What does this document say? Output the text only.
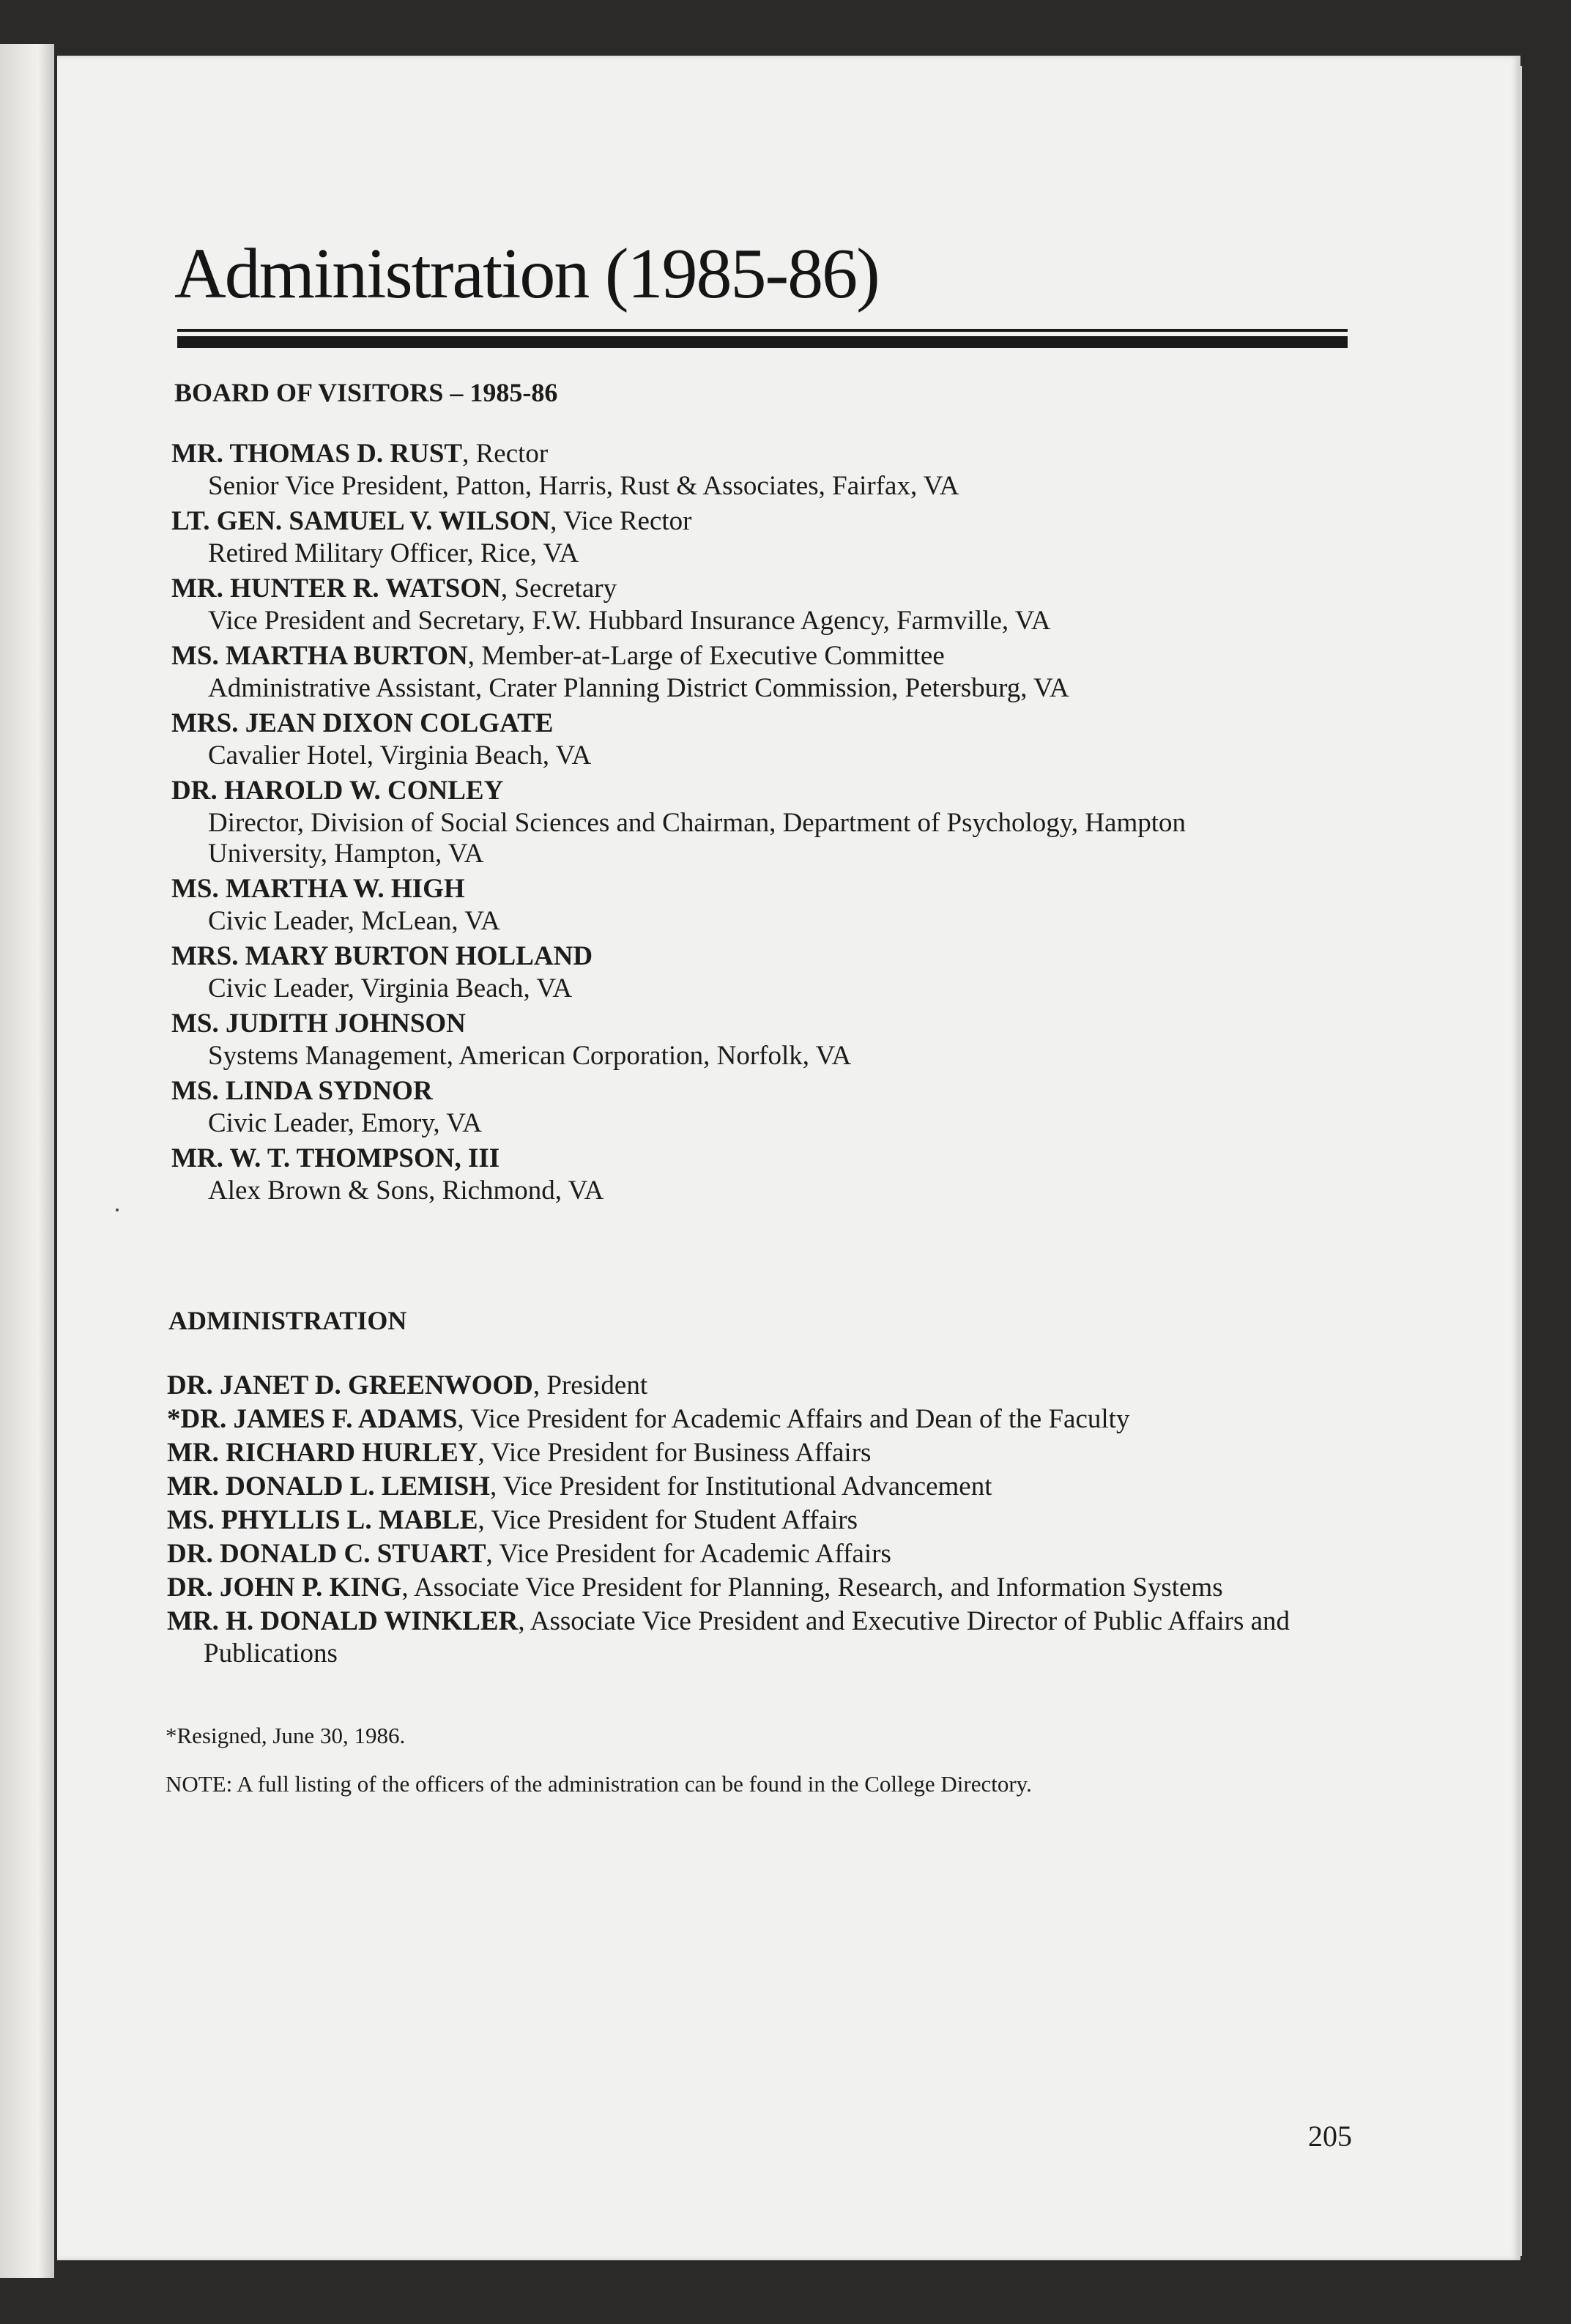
Administration (1985-86)
BOARD OF VISITORS – 1985-86
MR. THOMAS D. RUST, Rector
Senior Vice President, Patton, Harris, Rust & Associates, Fairfax, VA
LT. GEN. SAMUEL V. WILSON, Vice Rector
Retired Military Officer, Rice, VA
MR. HUNTER R. WATSON, Secretary
Vice President and Secretary, F.W. Hubbard Insurance Agency, Farmville, VA
MS. MARTHA BURTON, Member-at-Large of Executive Committee
Administrative Assistant, Crater Planning District Commission, Petersburg, VA
MRS. JEAN DIXON COLGATE
Cavalier Hotel, Virginia Beach, VA
DR. HAROLD W. CONLEY
Director, Division of Social Sciences and Chairman, Department of Psychology, Hampton University, Hampton, VA
MS. MARTHA W. HIGH
Civic Leader, McLean, VA
MRS. MARY BURTON HOLLAND
Civic Leader, Virginia Beach, VA
MS. JUDITH JOHNSON
Systems Management, American Corporation, Norfolk, VA
MS. LINDA SYDNOR
Civic Leader, Emory, VA
MR. W. T. THOMPSON, III
Alex Brown & Sons, Richmond, VA
ADMINISTRATION
DR. JANET D. GREENWOOD, President
*DR. JAMES F. ADAMS, Vice President for Academic Affairs and Dean of the Faculty
MR. RICHARD HURLEY, Vice President for Business Affairs
MR. DONALD L. LEMISH, Vice President for Institutional Advancement
MS. PHYLLIS L. MABLE, Vice President for Student Affairs
DR. DONALD C. STUART, Vice President for Academic Affairs
DR. JOHN P. KING, Associate Vice President for Planning, Research, and Information Systems
MR. H. DONALD WINKLER, Associate Vice President and Executive Director of Public Affairs and Publications
*Resigned, June 30, 1986.
NOTE: A full listing of the officers of the administration can be found in the College Directory.
205
